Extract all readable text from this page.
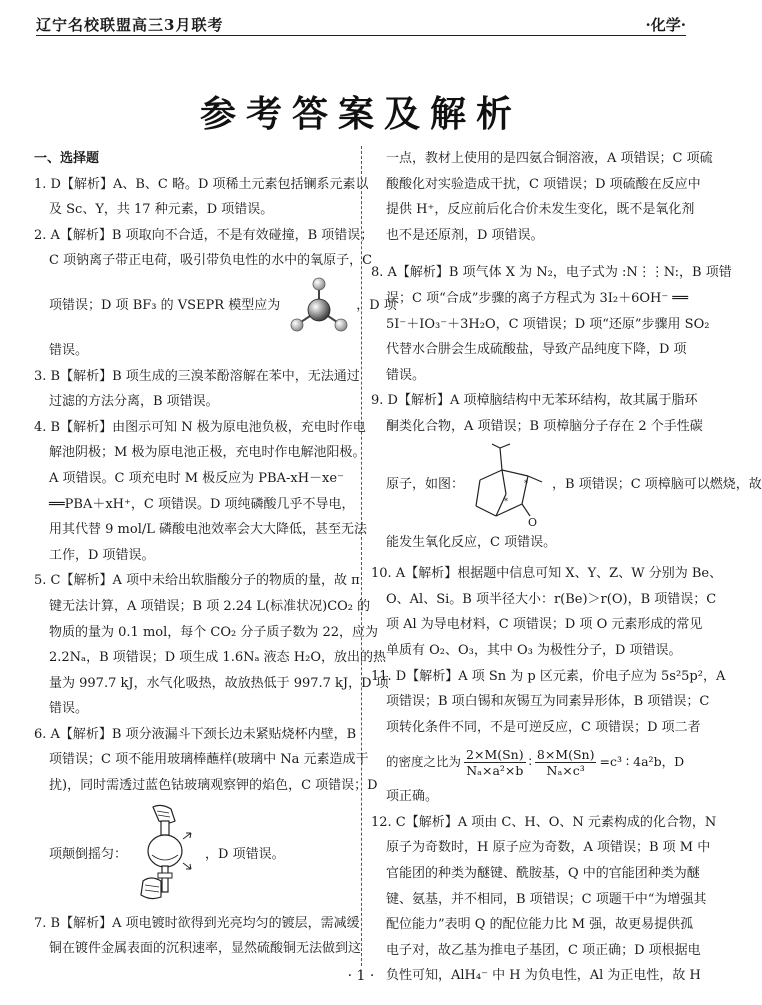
辽宁名校联盟高三3月联考	·化学·
参考答案及解析
一、选择题
1. D【解析】A、B、C 略。D 项稀土元素包括镧系元素以
及 Sc、Y，共 17 种元素，D 项错误。
2. A【解析】B 项取向不合适，不是有效碰撞，B 项错误；
C 项钠离子带正电荷，吸引带负电性的水中的氧原子，C
项错误；D 项 BF₃ 的 VSEPR 模型应为	，D 项
错误。
3. B【解析】B 项生成的三溴苯酚溶解在苯中，无法通过
过滤的方法分离，B 项错误。
4. B【解析】由图示可知 N 极为原电池负极，充电时作电
解池阴极；M 极为原电池正极，充电时作电解池阳极。
A 项错误。C 项充电时 M 极反应为 PBA-xH－xe⁻
══PBA＋xH⁺，C 项错误。D 项纯磷酸几乎不导电，
用其代替 9 mol/L 磷酸电池效率会大大降低，甚至无法
工作，D 项错误。
5. C【解析】A 项中未给出软脂酸分子的物质的量，故 π
键无法计算，A 项错误；B 项 2.24 L(标准状况)CO₂ 的
物质的量为 0.1 mol，每个 CO₂ 分子质子数为 22，应为
2.2Nₐ，B 项错误；D 项生成 1.6Nₐ 液态 H₂O，放出的热
量为 997.7 kJ，水气化吸热，故放热低于 997.7 kJ，D 项
错误。
6. A【解析】B 项分液漏斗下颈长边未紧贴烧杯内壁，B
项错误；C 项不能用玻璃棒蘸样(玻璃中 Na 元素造成干
扰)，同时需透过蓝色钴玻璃观察钾的焰色，C 项错误；D
项颠倒摇匀：	，D 项错误。
7. B【解析】A 项电镀时欲得到光亮均匀的镀层，需减缓
铜在镀件金属表面的沉积速率，显然硫酸铜无法做到这
一点，教材上使用的是四氨合铜溶液，A 项错误；C 项硫
酸酸化对实验造成干扰，C 项错误；D 项硫酸在反应中
提供 H⁺，反应前后化合价未发生变化，既不是氧化剂
也不是还原剂，D 项错误。
8. A【解析】B 项气体 X 为 N₂，电子式为 :N⋮⋮N:，B 项错
误；C 项“合成”步骤的离子方程式为 3I₂＋6OH⁻ ══
5I⁻＋IO₃⁻＋3H₂O，C 项错误；D 项“还原”步骤用 SO₂
代替水合肼会生成硫酸盐，导致产品纯度下降，D 项
错误。
9. D【解析】A 项樟脑结构中无苯环结构，故其属于脂环
酮类化合物，A 项错误；B 项樟脑分子存在 2 个手性碳
原子，如图：
O
*
* ，B 项错误；C 项樟脑可以燃烧，故
能发生氧化反应，C 项错误。
10. A【解析】根据题中信息可知 X、Y、Z、W 分别为 Be、
O、Al、Si。B 项半径大小：r(Be)＞r(O)，B 项错误；C
项 Al 为导电材料，C 项错误；D 项 O 元素形成的常见
单质有 O₂、O₃，其中 O₃ 为极性分子，D 项错误。
11. D【解析】A 项 Sn 为 p 区元素，价电子应为 5s²5p²，A
项错误；B 项白锡和灰锡互为同素异形体，B 项错误；C
项转化条件不同，不是可逆反应，C 项错误；D 项二者
的密度之比为
2×M(Sn)
Nₐ×a²×b
∶ $\frac{8\times M(Sn)}{\text{Nₐ×c³}} =c^3$ ∶ 4a²b，D
项正确。
12. C【解析】A 项由 C、H、O、N 元素构成的化合物，N
原子为奇数时，H 原子应为奇数，A 项错误；B 项 M 中
官能团的种类为醚键、酰胺基，Q 中的官能团种类为醚
键、氨基，并不相同，B 项错误；C 项题干中“为增强其
配位能力”表明 Q 的配位能力比 M 强，故更易提供孤
电子对，故乙基为推电子基团，C 项正确；D 项根据电
负性可知，AlH₄⁻ 中 H 为负电性，Al 为正电性，故 H
· 1 ·
